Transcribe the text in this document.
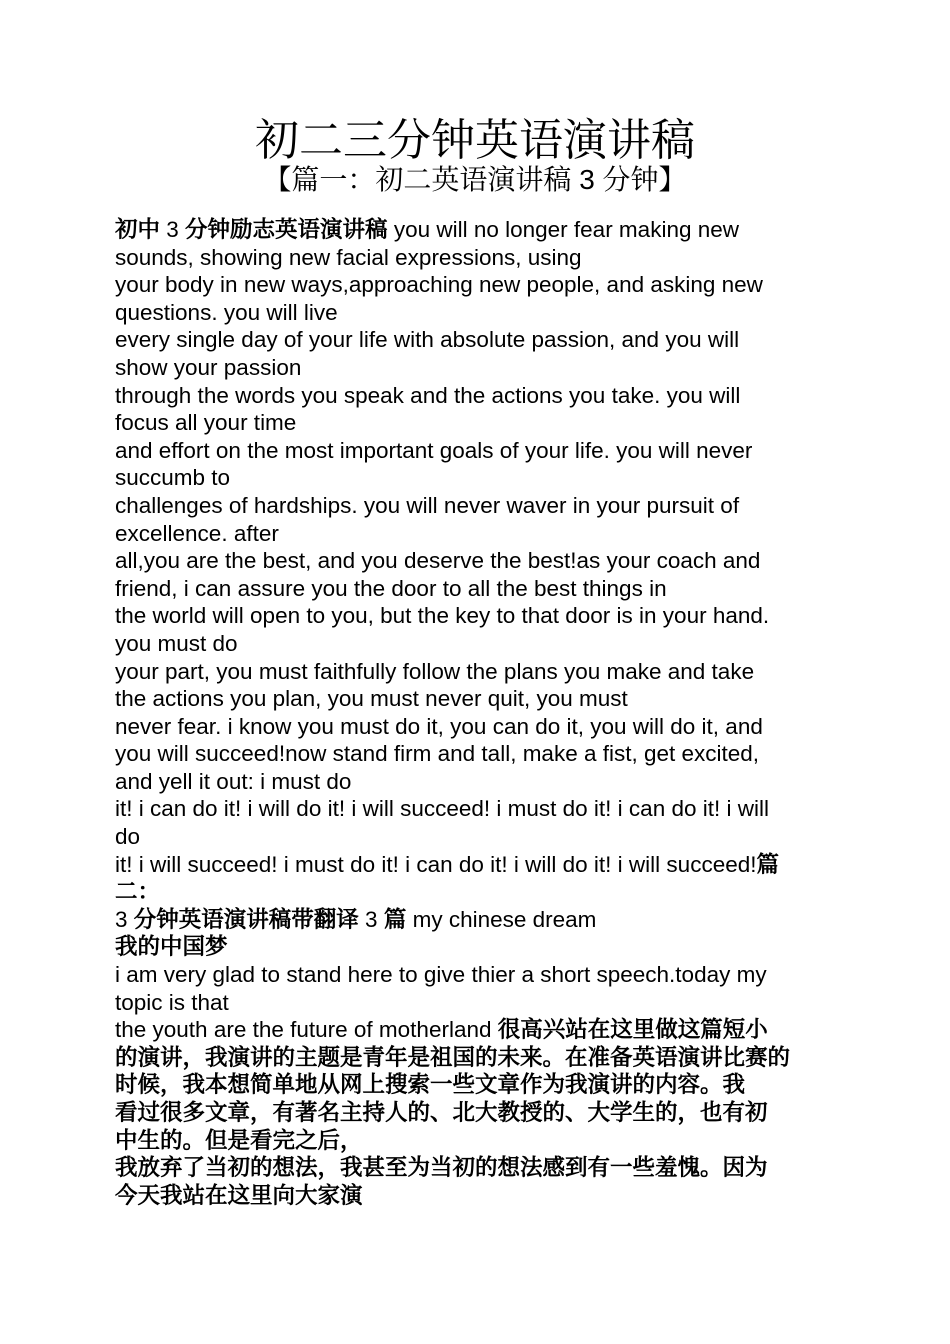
初二三分钟英语演讲稿
【篇一：初二英语演讲稿 3 分钟】
初中 3 分钟励志英语演讲稿 you will no longer fear making new
sounds, showing new facial expressions, using
your body in new ways,approaching new people, and asking new
questions. you will live
every single day of your life with absolute passion, and you will
show your passion
through the words you speak and the actions you take. you will
focus all your time
and effort on the most important goals of your life. you will never
succumb to
challenges of hardships. you will never waver in your pursuit of
excellence. after
all,you are the best, and you deserve the best!as your coach and
friend, i can assure you the door to all the best things in
the world will open to you, but the key to that door is in your hand.
you must do
your part, you must faithfully follow the plans you make and take
the actions you plan, you must never quit, you must
never fear. i know you must do it, you can do it, you will do it, and
you will succeed!now stand firm and tall, make a fist, get excited,
and yell it out: i must do
it! i can do it! i will do it! i will succeed! i must do it! i can do it! i will
do
it! i will succeed! i must do it! i can do it! i will do it! i will succeed!篇
二：
3 分钟英语演讲稿带翻译 3 篇 my chinese dream
我的中国梦
i am very glad to stand here to give thier a short speech.today my
topic is that
the youth are the future of motherland 很高兴站在这里做这篇短小
的演讲，我演讲的主题是青年是祖国的未来。在准备英语演讲比赛的
时候，我本想简单地从网上搜索一些文章作为我演讲的内容。我
看过很多文章，有著名主持人的、北大教授的、大学生的，也有初
中生的。但是看完之后，
我放弃了当初的想法，我甚至为当初的想法感到有一些羞愧。因为
今天我站在这里向大家演
